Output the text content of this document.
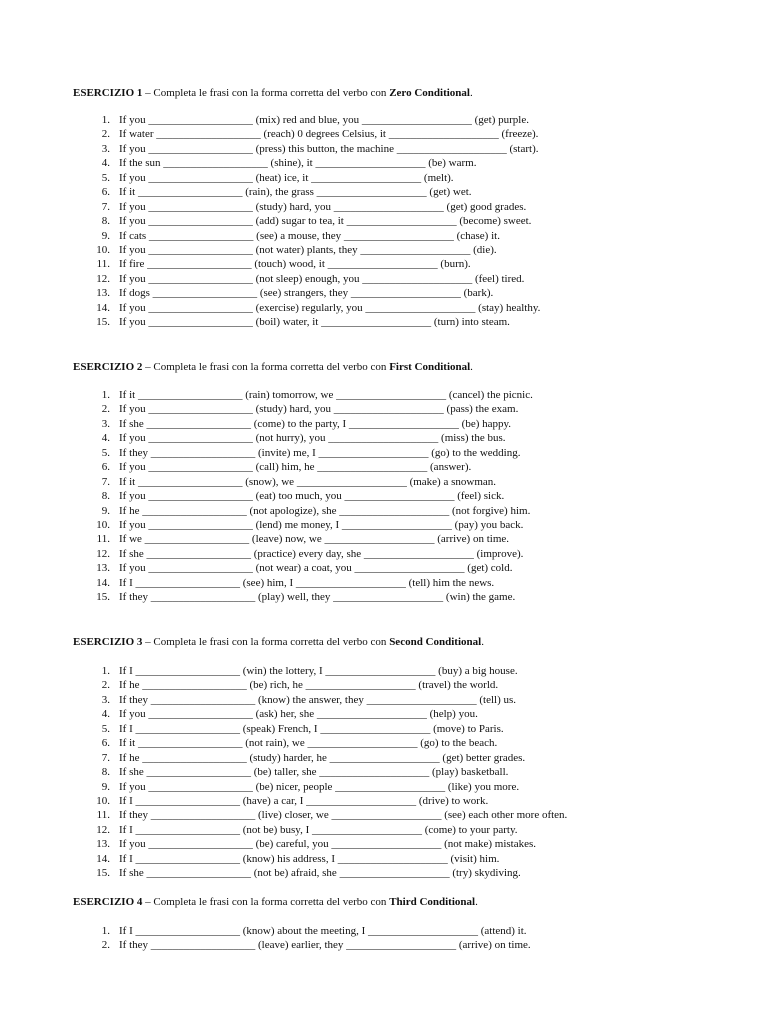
ESERCIZIO 1 – Completa le frasi con la forma corretta del verbo con Zero Conditional.
1. If you ___________________ (mix) red and blue, you ____________________ (get) purple.
2. If water ___________________ (reach) 0 degrees Celsius, it ____________________ (freeze).
3. If you ___________________ (press) this button, the machine ____________________ (start).
4. If the sun ___________________ (shine), it ____________________ (be) warm.
5. If you ___________________ (heat) ice, it ____________________ (melt).
6. If it ___________________ (rain), the grass ____________________ (get) wet.
7. If you ___________________ (study) hard, you ____________________ (get) good grades.
8. If you ___________________ (add) sugar to tea, it ____________________ (become) sweet.
9. If cats ___________________ (see) a mouse, they ____________________ (chase) it.
10. If you ___________________ (not water) plants, they ____________________ (die).
11. If fire ___________________ (touch) wood, it ____________________ (burn).
12. If you ___________________ (not sleep) enough, you ____________________ (feel) tired.
13. If dogs ___________________ (see) strangers, they ____________________ (bark).
14. If you ___________________ (exercise) regularly, you ____________________ (stay) healthy.
15. If you ___________________ (boil) water, it ____________________ (turn) into steam.
ESERCIZIO 2 – Completa le frasi con la forma corretta del verbo con First Conditional.
1. If it ___________________ (rain) tomorrow, we ____________________ (cancel) the picnic.
2. If you ___________________ (study) hard, you ____________________ (pass) the exam.
3. If she ___________________ (come) to the party, I ____________________ (be) happy.
4. If you ___________________ (not hurry), you ____________________ (miss) the bus.
5. If they ___________________ (invite) me, I ____________________ (go) to the wedding.
6. If you ___________________ (call) him, he ____________________ (answer).
7. If it ___________________ (snow), we ____________________ (make) a snowman.
8. If you ___________________ (eat) too much, you ____________________ (feel) sick.
9. If he ___________________ (not apologize), she ____________________ (not forgive) him.
10. If you ___________________ (lend) me money, I ____________________ (pay) you back.
11. If we ___________________ (leave) now, we ____________________ (arrive) on time.
12. If she ___________________ (practice) every day, she ____________________ (improve).
13. If you ___________________ (not wear) a coat, you ____________________ (get) cold.
14. If I ___________________ (see) him, I ____________________ (tell) him the news.
15. If they ___________________ (play) well, they ____________________ (win) the game.
ESERCIZIO 3 – Completa le frasi con la forma corretta del verbo con Second Conditional.
1. If I ___________________ (win) the lottery, I ____________________ (buy) a big house.
2. If he ___________________ (be) rich, he ____________________ (travel) the world.
3. If they ___________________ (know) the answer, they ____________________ (tell) us.
4. If you ___________________ (ask) her, she ____________________ (help) you.
5. If I ___________________ (speak) French, I ____________________ (move) to Paris.
6. If it ___________________ (not rain), we ____________________ (go) to the beach.
7. If he ___________________ (study) harder, he ____________________ (get) better grades.
8. If she ___________________ (be) taller, she ____________________ (play) basketball.
9. If you ___________________ (be) nicer, people ____________________ (like) you more.
10. If I ___________________ (have) a car, I ____________________ (drive) to work.
11. If they ___________________ (live) closer, we ____________________ (see) each other more often.
12. If I ___________________ (not be) busy, I ____________________ (come) to your party.
13. If you ___________________ (be) careful, you ____________________ (not make) mistakes.
14. If I ___________________ (know) his address, I ____________________ (visit) him.
15. If she ___________________ (not be) afraid, she ____________________ (try) skydiving.
ESERCIZIO 4 – Completa le frasi con la forma corretta del verbo con Third Conditional.
1. If I ___________________ (know) about the meeting, I ____________________ (attend) it.
2. If they ___________________ (leave) earlier, they ____________________ (arrive) on time.
